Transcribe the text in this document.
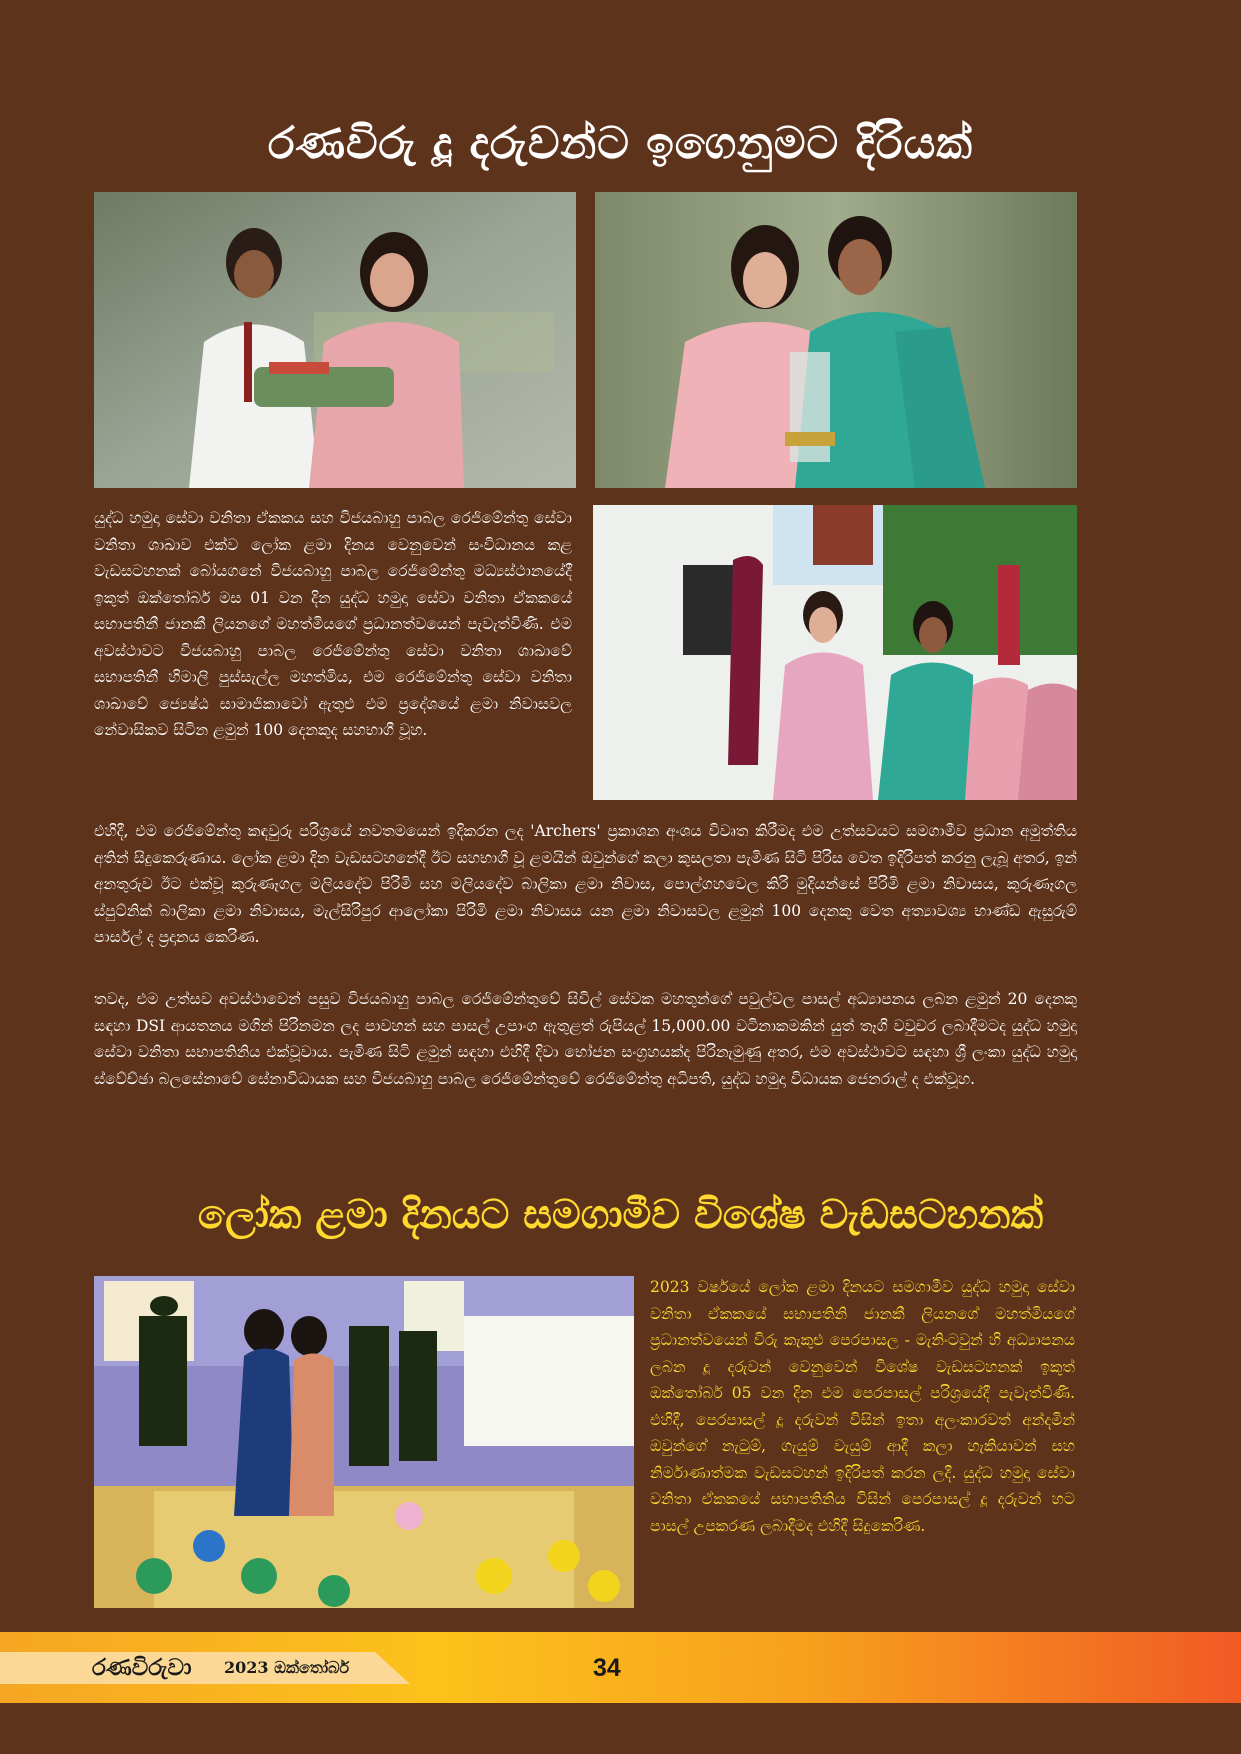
රණවිරු දූ දරුවන්ට ඉගෙනුමට දිරියක්
යුද්ධ හමුදා සේවා වනිතා ඒකකය සහ විජයබාහු පාබල රෙජිමේන්තු සේවා වනිතා ශාඛාව එක්ව ලෝක ළමා දිනය වෙනුවෙන් සංවිධානය කළ වැඩසටහනක් බෝයගනේ විජයබාහු පාබල රෙජිමේන්තු මධ්‍යස්ථානයේදී ඉකුත් ඔක්තෝබර් මස 01 වන දින යුද්ධ හමුදා සේවා වනිතා ඒකකයේ සභාපතිනී ජානකී ලියනගේ මහත්මියගේ ප්‍රධානත්වයෙන් පැවැත්විණි. එම අවස්ථාවට විජයබාහු පාබල රෙජිමේන්තු සේවා වනිතා ශාඛාවේ සභාපතිනී හිමාලි පුස්සැල්ල මහත්මිය, එම රෙජිමේන්තු සේවා වනිතා ශාඛාවේ ජ්‍යෙෂ්ඨ සාමාජිකාවෝ ඇතුළු එම ප්‍රදේශයේ ළමා නිවාසවල නේවාසිකව සිටින ළමුන් 100 දෙනකුද සහභාගී වූහ.
එහිදී, එම රෙජිමේන්තු කඳවුරු පරිශ්‍රයේ නවතමයෙන් ඉදිකරන ලද 'Archers' ප්‍රකාශන අංශය විවෘත කිරීමද එම උත්සවයට සමගාමීව ප්‍රධාන අමුත්තිය අතින් සිදුකෙරුණාය. ලෝක ළමා දින වැඩසටහනේදී ඊට සහභාගී වූ ළමයින් ඔවුන්ගේ කලා කුසලතා පැමිණ සිටි පිරිස වෙත ඉදිරිපත් කරනු ලැබූ අතර, ඉන් අනතුරුව ඊට එක්වූ කුරුණෑගල මලියදේව පිරිමි සහ මලියදේව බාලිකා ළමා නිවාස, පොල්ගහවෙල කිරි මුදියන්සේ පිරිමි ළමා නිවාසය, කුරුණෑගල ස්පුට්නික් බාලිකා ළමා නිවාසය, මැල්සිරිපුර ආලෝකා පිරිමි ළමා නිවාසය යන ළමා නිවාසවල ළමුන් 100 දෙනකු වෙත අත්‍යාවශ්‍ය භාණ්ඩ ඇසුරුම් පාර්සල් ද ප්‍රදානය කෙරිණ.
තවද, එම උත්සව අවස්ථාවෙන් පසුව විජයබාහු පාබල රෙජිමේන්තුවේ සිවිල් සේවක මහතුන්ගේ පවුල්වල පාසල් අධ්‍යාපනය ලබන ළමුන් 20 දෙනකු සඳහා DSI ආයතනය මගින් පිරිනමන ලද පාවහන් සහ පාසල් උපාංග ඇතුළත් රුපියල් 15,000.00 වටිනාකමකින් යුත් තෑගි වවුචර ලබාදීමටද යුද්ධ හමුදා සේවා වනිතා සභාපතිනිය එක්වූවාය. පැමිණ සිටි ළමුන් සඳහා එහිදී දිවා භෝජන සංග්‍රහයක්ද පිරිනැමුණු අතර, එම අවස්ථාවට සඳහා ශ්‍රී ලංකා යුද්ධ හමුදා ස්වේච්ඡා බලසේනාවේ සේනාවිධායක සහ විජයබාහු පාබල රෙජිමේන්තුවේ රෙජිමේන්තු අධිපති, යුද්ධ හමුදා විධායක ජෙනරාල් ද එක්වූහ.
ලෝක ළමා දිනයට සමගාමීව විශේෂ වැඩසටහනක්
2023 වර්ෂයේ ලෝක ළමා දිනයට සමගාමීව යුද්ධ හමුදා සේවා වනිතා ඒකකයේ සභාපතිනි ජානකී ලියනගේ මහත්මියගේ ප්‍රධානත්වයෙන් විරු කැකුළු පෙරපාසල - මැනිංටවුන් හි අධ්‍යාපනය ලබන දූ දරුවන් වෙනුවෙන් විශේෂ වැඩසටහනක් ඉකුත් ඔක්තෝබර් 05 වන දින එම පෙරපාසල් පරිශ්‍රයේදී පැවැත්විණි. එහිදී, පෙරපාසල් දූ දරුවන් විසින් ඉතා අලංකාරවත් අන්දමින් ඔවුන්ගේ නැටුම්, ගැයුම් වැයුම් ආදී කලා හැකියාවන් සහ නිර්මාණාත්මක වැඩසටහන් ඉදිරිපත් කරන ලදී. යුද්ධ හමුදා සේවා වනිතා ඒකකයේ සභාපතිනිය විසින් පෙරපාසල් දූ දරුවන් හට පාසල් උපකරණ ලබාදීමද එහිදී සිදුකෙරිණ.
රණවිරුවා 2023 ඔක්තෝබර්	34
